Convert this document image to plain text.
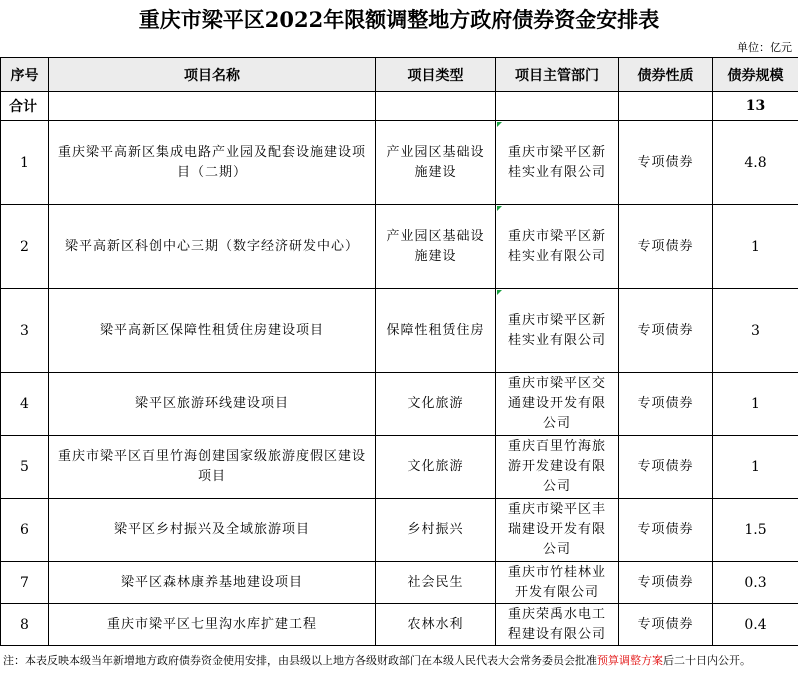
重庆市梁平区2022年限额调整地方政府债券资金安排表
单位：亿元
序号	项目名称	项目类型	项目主管部门	债券性质	债券规模
合计					13
1	重庆梁平高新区集成电路产业园及配套设施建设项目（二期）	产业园区基础设施建设	重庆市梁平区新桂实业有限公司	专项债券	4.8
2	梁平高新区科创中心三期（数字经济研发中心）	产业园区基础设施建设	重庆市梁平区新桂实业有限公司	专项债券	1
3	梁平高新区保障性租赁住房建设项目	保障性租赁住房	重庆市梁平区新桂实业有限公司	专项债券	3
4	梁平区旅游环线建设项目	文化旅游	重庆市梁平区交通建设开发有限公司	专项债券	1
5	重庆市梁平区百里竹海创建国家级旅游度假区建设项目	文化旅游	重庆百里竹海旅游开发建设有限公司	专项债券	1
6	梁平区乡村振兴及全域旅游项目	乡村振兴	重庆市梁平区丰瑞建设开发有限公司	专项债券	1.5
7	梁平区森林康养基地建设项目	社会民生	重庆市竹桂林业开发有限公司	专项债券	0.3
8	重庆市梁平区七里沟水库扩建工程	农林水利	重庆荣禹水电工程建设有限公司	专项债券	0.4
注：本表反映本级当年新增地方政府债券资金使用安排，由县级以上地方各级财政部门在本级人民代表大会常务委员会批准预算调整方案后二十日内公开。
